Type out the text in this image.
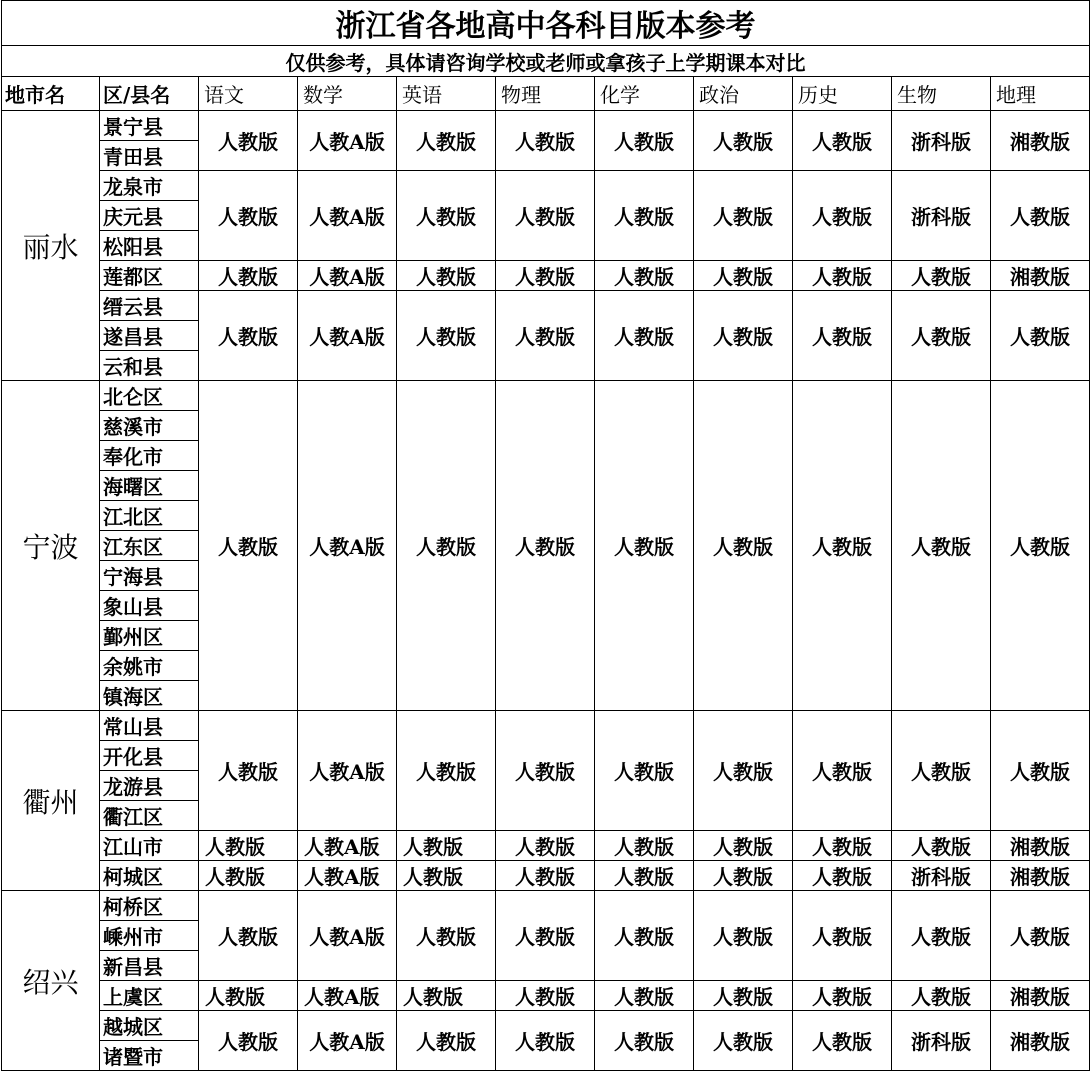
浙江省各地高中各科目版本参考										
仅供参考，具体请咨询学校或老师或拿孩子上学期课本对比										
地市名	区/县名	语文	数学	英语	物理	化学	政治	历史	生物	地理
丽水	景宁县	人教版	人教A版	人教版	人教版	人教版	人教版	人教版	浙科版	湘教版
	青田县									
	龙泉市	人教版	人教A版	人教版	人教版	人教版	人教版	人教版	浙科版	人教版
	庆元县									
	松阳县									
	莲都区	人教版	人教A版	人教版	人教版	人教版	人教版	人教版	人教版	湘教版
	缙云县	人教版	人教A版	人教版	人教版	人教版	人教版	人教版	人教版	人教版
	遂昌县									
	云和县									
宁波	北仑区	人教版	人教A版	人教版	人教版	人教版	人教版	人教版	人教版	人教版
	慈溪市									
	奉化市									
	海曙区									
	江北区									
	江东区									
	宁海县									
	象山县									
	鄞州区									
	余姚市									
	镇海区									
衢州	常山县	人教版	人教A版	人教版	人教版	人教版	人教版	人教版	人教版	人教版
	开化县									
	龙游县									
	衢江区									
	江山市	人教版	人教A版	人教版	人教版	人教版	人教版	人教版	人教版	湘教版
	柯城区	人教版	人教A版	人教版	人教版	人教版	人教版	人教版	浙科版	湘教版
绍兴	柯桥区	人教版	人教A版	人教版	人教版	人教版	人教版	人教版	人教版	人教版
	嵊州市									
	新昌县									
	上虞区	人教版	人教A版	人教版	人教版	人教版	人教版	人教版	人教版	湘教版
	越城区	人教版	人教A版	人教版	人教版	人教版	人教版	人教版	浙科版	湘教版
	诸暨市									
